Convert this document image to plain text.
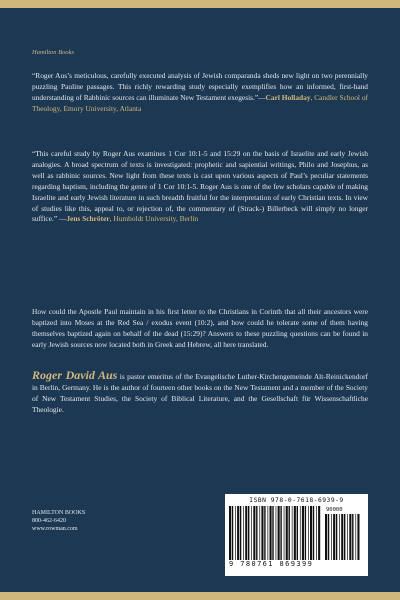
Hamilton Books
“Roger Aus’s meticulous, carefully executed analysis of Jewish comparanda sheds new light on two perennially puzzling Pauline passages. This richly rewarding study especially exemplifies how an informed, first-hand understanding of Rabbinic sources can illuminate New Testament exegesis.”—Carl Holladay, Candler School of Theology, Emory University, Atlanta
“This careful study by Roger Aus examines 1 Cor 10:1-5 and 15:29 on the basis of Israelite and early Jewish analogies. A broad spectrum of texts is investigated: prophetic and sapiential writings, Philo and Josephus, as well as rabbinic sources. New light from these texts is cast upon various aspects of Paul’s peculiar statements regarding baptism, including the genre of 1 Cor 10:1-5. Roger Aus is one of the few scholars capable of making Israelite and early Jewish literature in such breadth fruitful for the interpretation of early Christian texts. In view of studies like this, appeal to, or rejection of, the commentary of (Strack-) Billerbeck will simply no longer suffice.” —Jens Schröter, Humboldt University, Berlin
How could the Apostle Paul maintain in his first letter to the Christians in Corinth that all their ancestors were baptized into Moses at the Red Sea / exodus event (10:2), and how could he tolerate some of them having themselves baptized again on behalf of the dead (15:29)? Answers to these puzzling questions can be found in early Jewish sources now located both in Greek and Hebrew, all here translated.
Roger David Aus is pastor emeritus of the Evangelische Luther-Kirchengemeinde Alt-Reinickendorf in Berlin, Germany. He is the author of fourteen other books on the New Testament and a member of the Society of New Testament Studies, the Society of Biblical Literature, and the Gesellschaft für Wissenschaftliche Theologie.
HAMILTON BOOKS
800-462-6420
www.rowman.com
ISBN 978-0-7618-6939-9
90000
9 780761 869399
